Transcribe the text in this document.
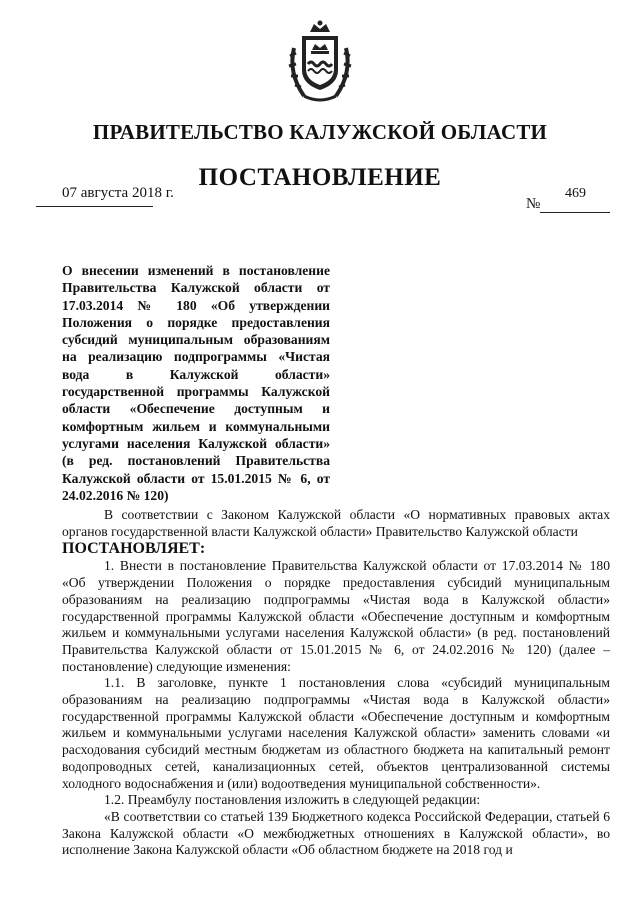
ПРАВИТЕЛЬСТВО КАЛУЖСКОЙ ОБЛАСТИ
ПОСТАНОВЛЕНИЕ
07 августа 2018 г.
№
469
О внесении изменений в постановление Правительства Калужской области от 17.03.2014 № 180 «Об утверждении Положения о порядке предоставления субсидий муниципальным образованиям на реализацию подпрограммы «Чистая вода в Калужской области» государственной программы Калужской области «Обеспечение доступным и комфортным жильем и коммунальными услугами населения Калужской области» (в ред. постановлений Правительства Калужской области от 15.01.2015 № 6, от 24.02.2016 № 120)

В соответствии с Законом Калужской области «О нормативных правовых актах органов государственной власти Калужской области» Правительство Калужской области

ПОСТАНОВЛЯЕТ:

1. Внести в постановление Правительства Калужской области от 17.03.2014 № 180 «Об утверждении Положения о порядке предоставления субсидий муниципальным образованиям на реализацию подпрограммы «Чистая вода в Калужской области» государственной программы Калужской области «Обеспечение доступным и комфортным жильем и коммунальными услугами населения Калужской области» (в ред. постановлений Правительства Калужской области от 15.01.2015 № 6, от 24.02.2016 № 120) (далее – постановление) следующие изменения:

1.1. В заголовке, пункте 1 постановления слова «субсидий муниципальным образованиям на реализацию подпрограммы «Чистая вода в Калужской области» государственной программы Калужской области «Обеспечение доступным и комфортным жильем и коммунальными услугами населения Калужской области» заменить словами «и расходования субсидий местным бюджетам из областного бюджета на капитальный ремонт водопроводных сетей, канализационных сетей, объектов централизованной системы холодного водоснабжения и (или) водоотведения муниципальной собственности».

1.2. Преамбулу постановления изложить в следующей редакции:

«В соответствии со статьей 139 Бюджетного кодекса Российской Федерации, статьей 6 Закона Калужской области «О межбюджетных отношениях в Калужской области», во исполнение Закона Калужской области «Об областном бюджете на 2018 год и
